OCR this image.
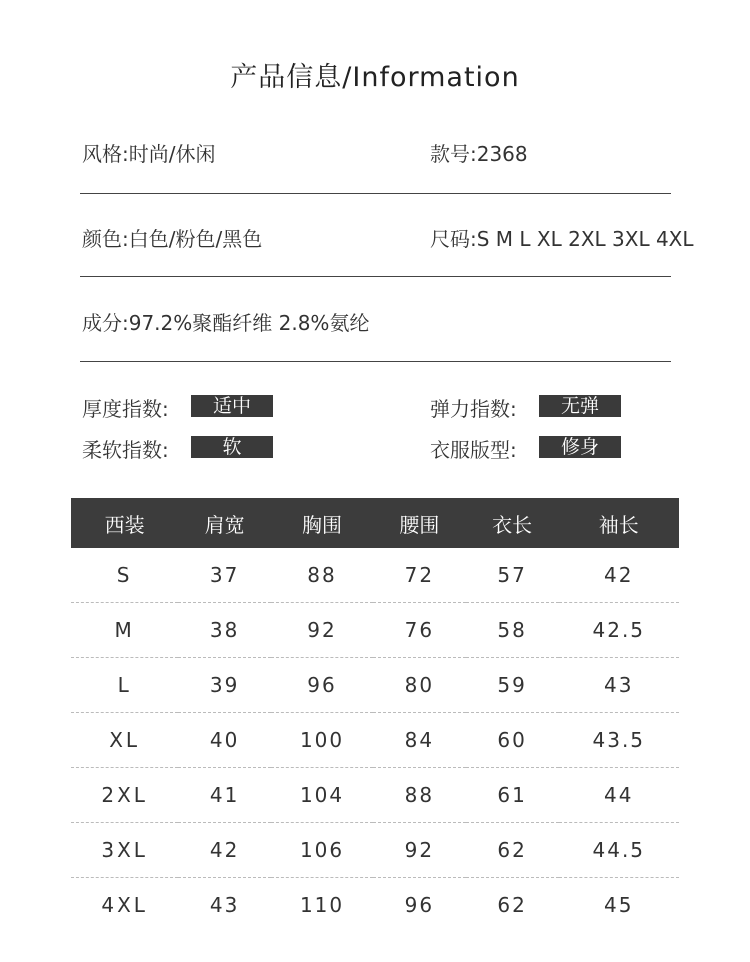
产品信息/Information
风格:时尚/休闲	款号:2368
颜色:白色/粉色/黑色	尺码:S M L XL 2XL 3XL 4XL
成分:97.2%聚酯纤维 2.8%氨纶
厚度指数:	适中	弹力指数:	无弹
柔软指数:	软	衣服版型:	修身
西装	肩宽	胸围	腰围	衣长	袖长
S	37	88	72	57	42
M	38	92	76	58	42.5
L	39	96	80	59	43
XL	40	100	84	60	43.5
2XL	41	104	88	61	44
3XL	42	106	92	62	44.5
4XL	43	110	96	62	45
